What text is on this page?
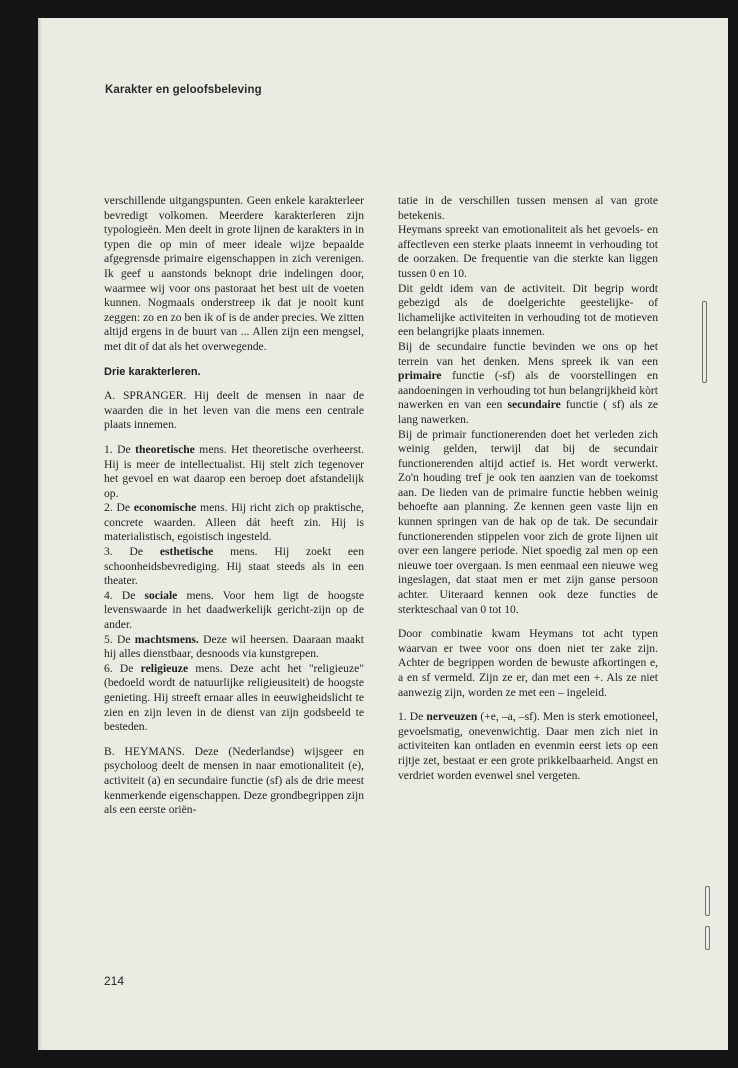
Karakter en geloofsbeleving

verschillende uitgangspunten. Geen enkele karakterleer bevredigt volkomen. Meerdere karakterleren zijn typologieën. Men deelt in grote lijnen de karakters in in typen die op min of meer ideale wijze bepaalde afgegrensde primaire eigenschappen in zich verenigen. Ik geef u aanstonds beknopt drie indelingen door, waarmee wij voor ons pastoraat het best uit de voeten kunnen. Nogmaals onderstreep ik dat je nooit kunt zeggen: zo en zo ben ik of is de ander precies. We zitten altijd ergens in de buurt van ... Allen zijn een mengsel, met dit of dat als het overwegende.

Drie karakterleren.

A. SPRANGER. Hij deelt de mensen in naar de waarden die in het leven van die mens een centrale plaats innemen.

1. De theoretische mens. Het theoretische overheerst. Hij is meer de intellectualist. Hij stelt zich tegenover het gevoel en wat daarop een beroep doet afstandelijk op.

2. De economische mens. Hij richt zich op praktische, concrete waarden. Alleen dát heeft zin. Hij is materialistisch, egoistisch ingesteld.

3. De esthetische mens. Hij zoekt een schoonheidsbevrediging. Hij staat steeds als in een theater.

4. De sociale mens. Voor hem ligt de hoogste levenswaarde in het daadwerkelijk gericht-zijn op de ander.

5. De machtsmens. Deze wil heersen. Daaraan maakt hij alles dienstbaar, desnoods via kunstgrepen.

6. De religieuze mens. Deze acht het "religieuze" (bedoeld wordt de natuurlijke religieusiteit) de hoogste genieting. Hij streeft ernaar alles in eeuwigheidslicht te zien en zijn leven in de dienst van zijn godsbeeld te besteden.

B. HEYMANS. Deze (Nederlandse) wijsgeer en psycholoog deelt de mensen in naar emotionaliteit (e), activiteit (a) en secundaire functie (sf) als de drie meest kenmerkende eigenschappen. Deze grondbegrippen zijn als een eerste oriën-

tatie in de verschillen tussen mensen al van grote betekenis.

Heymans spreekt van emotionaliteit als het gevoels- en affectleven een sterke plaats inneemt in verhouding tot de oorzaken. De frequentie van die sterkte kan liggen tussen 0 en 10.

Dit geldt idem van de activiteit. Dit begrip wordt gebezigd als de doelgerichte geestelijke- of lichamelijke activiteiten in verhouding tot de motieven een belangrijke plaats innemen.

Bij de secundaire functie bevinden we ons op het terrein van het denken. Mens spreek ik van een primaire functie (-sf) als de voorstellingen en aandoeningen in verhouding tot hun belangrijkheid kòrt nawerken en van een secundaire functie ( sf) als ze lang nawerken.

Bij de primair functionerenden doet het verleden zich weinig gelden, terwijl dat bij de secundair functionerenden altijd actief is. Het wordt verwerkt. Zo'n houding tref je ook ten aanzien van de toekomst aan. De lieden van de primaire functie hebben weinig behoefte aan planning. Ze kennen geen vaste lijn en kunnen springen van de hak op de tak. De secundair functionerenden stippelen voor zich de grote lijnen uit over een langere periode. Niet spoedig zal men op een nieuwe toer overgaan. Is men eenmaal een nieuwe weg ingeslagen, dat staat men er met zijn ganse persoon achter. Uiteraard kennen ook deze functies de sterkteschaal van 0 tot 10.

Door combinatie kwam Heymans tot acht typen waarvan er twee voor ons doen niet ter zake zijn. Achter de begrippen worden de bewuste afkortingen e, a en sf vermeld. Zijn ze er, dan met een +. Als ze niet aanwezig zijn, worden ze met een – ingeleid.

1. De nerveuzen (+e, –a, –sf). Men is sterk emotioneel, gevoelsmatig, onevenwichtig. Daar men zich niet in activiteiten kan ontladen en evenmin eerst iets op een rijtje zet, bestaat er een grote prikkelbaarheid. Angst en verdriet worden evenwel snel vergeten.

214
